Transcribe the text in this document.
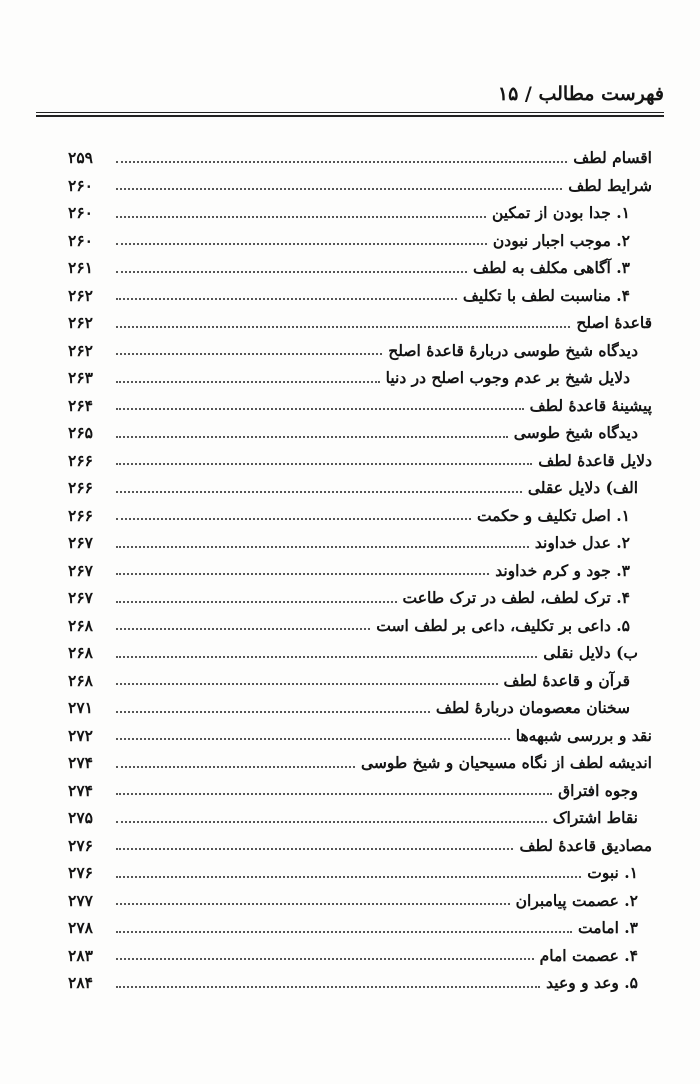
فهرست مطالب / ۱۵
اقسام لطف
۲۵۹
شرایط لطف
۲۶۰
۱. جدا بودن از تمکین
۲۶۰
۲. موجب اجبار نبودن
۲۶۰
۳. آگاهی مکلف به لطف
۲۶۱
۴. مناسبت لطف با تکلیف
۲۶۲
قاعدهٔ اصلح
۲۶۲
دیدگاه شیخ طوسی دربارهٔ قاعدهٔ اصلح
۲۶۲
دلایل شیخ بر عدم وجوب اصلح در دنیا
۲۶۳
پیشینهٔ قاعدهٔ لطف
۲۶۴
دیدگاه شیخ طوسی
۲۶۵
دلایل قاعدهٔ لطف
۲۶۶
الف) دلایل عقلی
۲۶۶
۱. اصل تکلیف و حکمت
۲۶۶
۲. عدل خداوند
۲۶۷
۳. جود و کرم خداوند
۲۶۷
۴. ترک لطف، لطف در ترک طاعت
۲۶۷
۵. داعی بر تکلیف، داعی بر لطف است
۲۶۸
ب) دلایل نقلی
۲۶۸
قرآن و قاعدهٔ لطف
۲۶۸
سخنان معصومان دربارهٔ لطف
۲۷۱
نقد و بررسی شبهه‌ها
۲۷۲
اندیشه لطف از نگاه مسیحیان و شیخ طوسی
۲۷۴
وجوه افتراق
۲۷۴
نقاط اشتراک
۲۷۵
مصادیق قاعدهٔ لطف
۲۷۶
۱. نبوت
۲۷۶
۲. عصمت پیامبران
۲۷۷
۳. امامت
۲۷۸
۴. عصمت امام
۲۸۳
۵. وعد و وعید
۲۸۴
